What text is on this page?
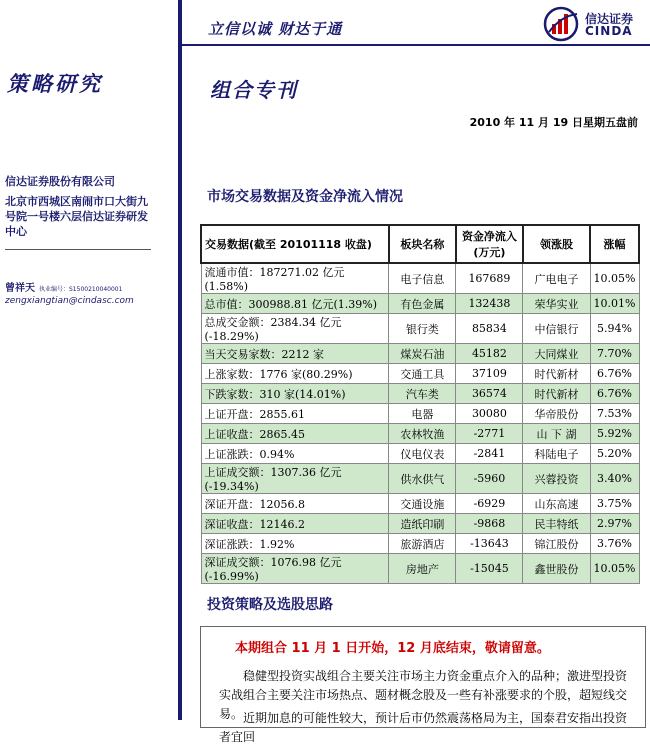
策略研究
信达证券股份有限公司
北京市西城区南闹市口大街九号院一号楼六层信达证券研发中心
曾祥天 执业编号：S1500210040001
zengxiangtian@cindasc.com
立信以诚 财达于通
信达证券
CINDA
组合专刊
2010 年 11 月 19 日星期五盘前
市场交易数据及资金净流入情况
交易数据(截至 20101118 收盘)	板块名称	资金净流入(万元)	领涨股	涨幅
流通市值：187271.02 亿元(1.58%)	电子信息	167689	广电电子	10.05%
总市值：300988.81 亿元(1.39%)	有色金属	132438	荣华实业	10.01%
总成交金额：2384.34 亿元(-18.29%)	银行类	85834	中信银行	5.94%
当天交易家数：2212 家	煤炭石油	45182	大同煤业	7.70%
上涨家数：1776 家(80.29%)	交通工具	37109	时代新材	6.76%
下跌家数：310 家(14.01%)	汽车类	36574	时代新材	6.76%
上证开盘：2855.61	电器	30080	华帝股份	7.53%
上证收盘：2865.45	农林牧渔	-2771	山 下 湖	5.92%
上证涨跌：0.94%	仪电仪表	-2841	科陆电子	5.20%
上证成交额：1307.36 亿元(-19.34%)	供水供气	-5960	兴蓉投资	3.40%
深证开盘：12056.8	交通设施	-6929	山东高速	3.75%
深证收盘：12146.2	造纸印刷	-9868	民丰特纸	2.97%
深证涨跌：1.92%	旅游酒店	-13643	锦江股份	3.76%
深证成交额：1076.98 亿元(-16.99%)	房地产	-15045	鑫世股份	10.05%
投资策略及选股思路
本期组合 11 月 1 日开始，12 月底结束，敬请留意。
稳健型投资实战组合主要关注市场主力资金重点介入的品种；激进型投资实战组合主要关注市场热点、题材概念股及一些有补涨要求的个股，超短线交易。 近期加息的可能性较大，预计后市仍然震荡格局为主，国泰君安指出投资者宜回
